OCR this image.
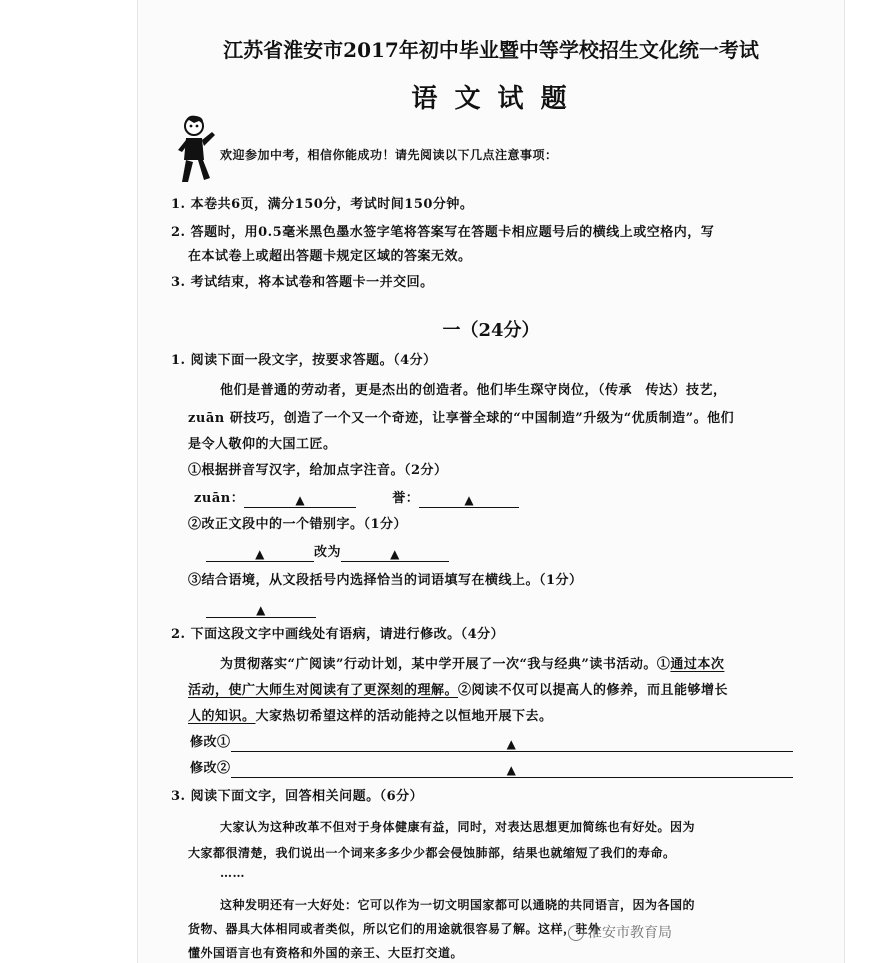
江苏省淮安市2017年初中毕业暨中等学校招生文化统一考试
语 文 试 题
欢迎参加中考，相信你能成功！请先阅读以下几点注意事项：
1. 本卷共6页，满分150分，考试时间150分钟。
2. 答题时，用0.5毫米黑色墨水签字笔将答案写在答题卡相应题号后的横线上或空格内，写
在本试卷上或超出答题卡规定区域的答案无效。
3. 考试结束，将本试卷和答题卡一并交回。
一（24分）
1. 阅读下面一段文字，按要求答题。（4分）
他们是普通的劳动者，更是杰出的创造者。他们毕生琛守岗位，（传承　传达）技艺，
zuān 研技巧，创造了一个又一个奇迹，让享誉全球的“中国制造”升级为“优质制造”。他们
是令人敬仰的大国工匠。
①根据拼音写汉字，给加点字注音。（2分）
zuān：	▲	誉：	▲
②改正文段中的一个错别字。（1分）
▲	改为	▲
③结合语境，从文段括号内选择恰当的词语填写在横线上。（1分）
▲
2. 下面这段文字中画线处有语病，请进行修改。（4分）
为贯彻落实“广阅读”行动计划，某中学开展了一次“我与经典”读书活动。①通过本次
活动，使广大师生对阅读有了更深刻的理解。②阅读不仅可以提高人的修养，而且能够增长
人的知识。大家热切希望这样的活动能持之以恒地开展下去。
修改①	▲
修改②	▲
3. 阅读下面文字，回答相关问题。（6分）
大家认为这种改革不但对于身体健康有益，同时，对表达思想更加简练也有好处。因为
大家都很清楚，我们说出一个词来多多少少都会侵蚀肺部，结果也就缩短了我们的寿命。
……
这种发明还有一大好处：它可以作为一切文明国家都可以通晓的共同语言，因为各国的
货物、器具大体相同或者类似，所以它们的用途就很容易了解。这样，驻外
懂外国语言也有资格和外国的亲王、大臣打交道。
淮安市教育局
